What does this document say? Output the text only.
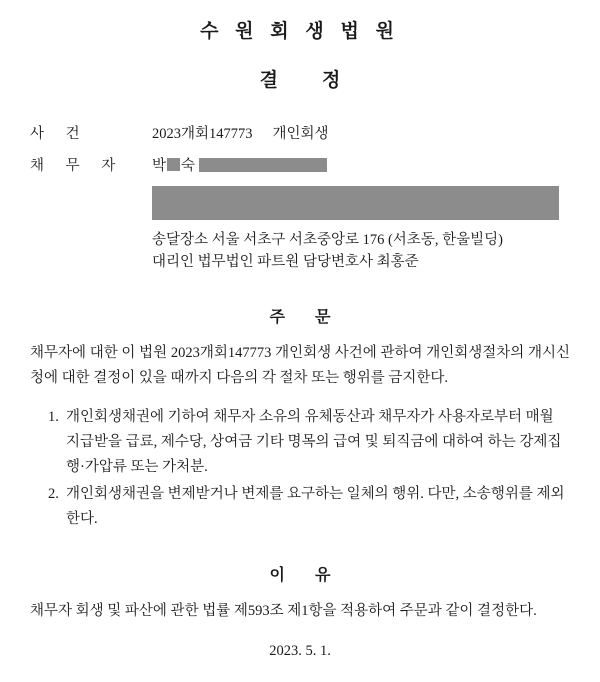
수 원 회 생 법 원
결 정
사 건	2023개회147773 개인회생
채 무 자	박 숙
송달장소 서울 서초구 서초중앙로 176 (서초동, 한울빌딩)
대리인 법무법인 파트원 담당변호사 최홍준
주 문
채무자에 대한 이 법원 2023개회147773 개인회생 사건에 관하여 개인회생절차의 개시신청에 대한 결정이 있을 때까지 다음의 각 절차 또는 행위를 금지한다.
1. 개인회생채권에 기하여 채무자 소유의 유체동산과 채무자가 사용자로부터 매월 지급받을 급료, 제수당, 상여금 기타 명목의 급여 및 퇴직금에 대하여 하는 강제집행·가압류 또는 가처분.
2. 개인회생채권을 변제받거나 변제를 요구하는 일체의 행위. 다만, 소송행위를 제외한다.
이 유
채무자 회생 및 파산에 관한 법률 제593조 제1항을 적용하여 주문과 같이 결정한다.
2023. 5. 1.
